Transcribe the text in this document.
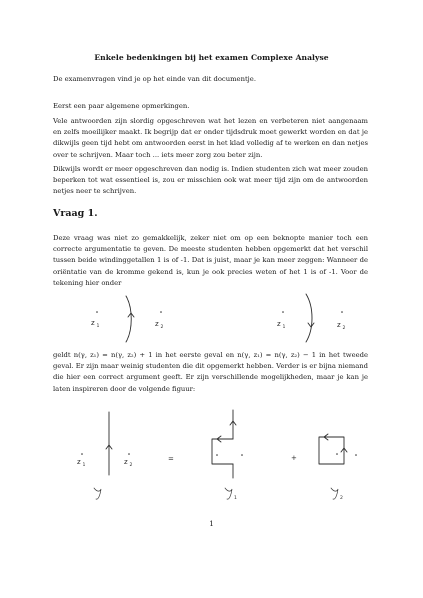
Enkele bedenkingen bij het examen Complexe Analyse

De examenvragen vind je op het einde van dit documentje.

Eerst een paar algemene opmerkingen.

Vele antwoorden zijn slordig opgeschreven wat het lezen en verbeteren niet aangenaam en zelfs moeilijker maakt. Ik begrijp dat er onder tijdsdruk moet gewerkt worden en dat je dikwijls geen tijd hebt om antwoorden eerst in het klad volledig af te werken en dan netjes over te schrijven. Maar toch ... iets meer zorg zou beter zijn.

Dikwijls wordt er meer opgeschreven dan nodig is. Indien studenten zich wat meer zouden beperken tot wat essentieel is, zou er misschien ook wat meer tijd zijn om de antwoorden netjes neer te schrijven.

Vraag 1.

Deze vraag was niet zo gemakkelijk, zeker niet om op een beknopte manier toch een correcte argumentatie te geven. De meeste studenten hebben opgemerkt dat het verschil tussen beide windinggetallen 1 is of -1. Dat is juist, maar je kan meer zeggen: Wanneer de oriëntatie van de kromme gekend is, kun je ook precies weten of het 1 is of -1. Voor de tekening hier onder

z 1	z 2	z 1	z 2

geldt n(γ, z₁) = n(γ, z₂) + 1 in het eerste geval en n(γ, z₁) = n(γ, z₂) − 1 in het tweede geval. Er zijn maar weinig studenten die dit opgemerkt hebben. Verder is er bijna niemand die hier een correct argument geeft. Er zijn verschillende mogelijkheden, maar je kan je laten inspireren door de volgende figuur:

z 1	z 2
=
1
+
2
1
